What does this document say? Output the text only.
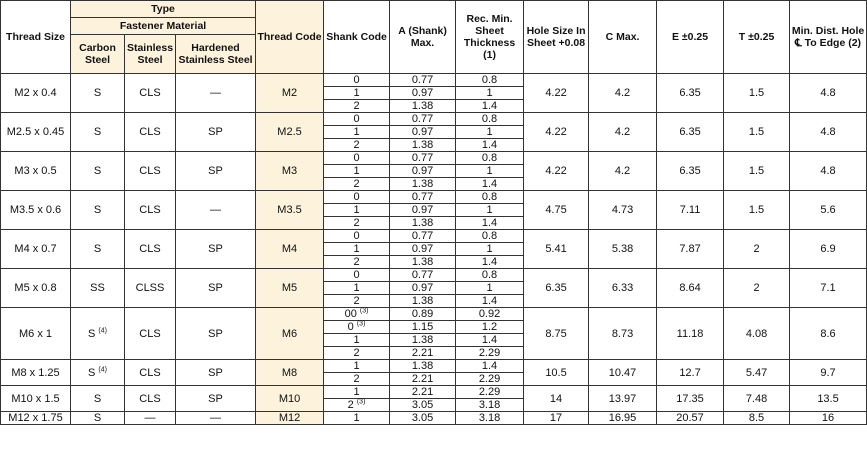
Thread Size	Type			Thread Code	Shank Code	A (Shank) Max.	Rec. Min. Sheet Thickness (1)	Hole Size In Sheet +0.08	C Max.	E ±0.25	T ±0.25	Min. Dist. Hole
℄ To Edge (2)
	Fastener Material											
	Carbon Steel	Stainless Steel	Hardened Stainless Steel									
M2 x 0.4	S	CLS	—	M2	0	0.77	0.8	4.22	4.2	6.35	1.5	4.8
					1	0.97	1					
					2	1.38	1.4					
M2.5 x 0.45	S	CLS	SP	M2.5	0	0.77	0.8	4.22	4.2	6.35	1.5	4.8
					1	0.97	1					
					2	1.38	1.4					
M3 x 0.5	S	CLS	SP	M3	0	0.77	0.8	4.22	4.2	6.35	1.5	4.8
					1	0.97	1					
					2	1.38	1.4					
M3.5 x 0.6	S	CLS	—	M3.5	0	0.77	0.8	4.75	4.73	7.11	1.5	5.6
					1	0.97	1					
					2	1.38	1.4					
M4 x 0.7	S	CLS	SP	M4	0	0.77	0.8	5.41	5.38	7.87	2	6.9
					1	0.97	1					
					2	1.38	1.4					
M5 x 0.8	SS	CLSS	SP	M5	0	0.77	0.8	6.35	6.33	8.64	2	7.1
					1	0.97	1					
					2	1.38	1.4					
M6 x 1	S $^{(4)}$	CLS	SP	M6	00 $^{(3)}$	0.89	0.92	8.75	8.73	11.18	4.08	8.6
					0 $^{(3)}$	1.15	1.2					
					1	1.38	1.4					
					2	2.21	2.29					
M8 x 1.25	S $^{(4)}$	CLS	SP	M8	1	1.38	1.4	10.5	10.47	12.7	5.47	9.7
					2	2.21	2.29					
M10 x 1.5	S	CLS	SP	M10	1	2.21	2.29	14	13.97	17.35	7.48	13.5
					2 $^{(3)}$	3.05	3.18					
M12 x 1.75	S	—	—	M12	1	3.05	3.18	17	16.95	20.57	8.5	16
